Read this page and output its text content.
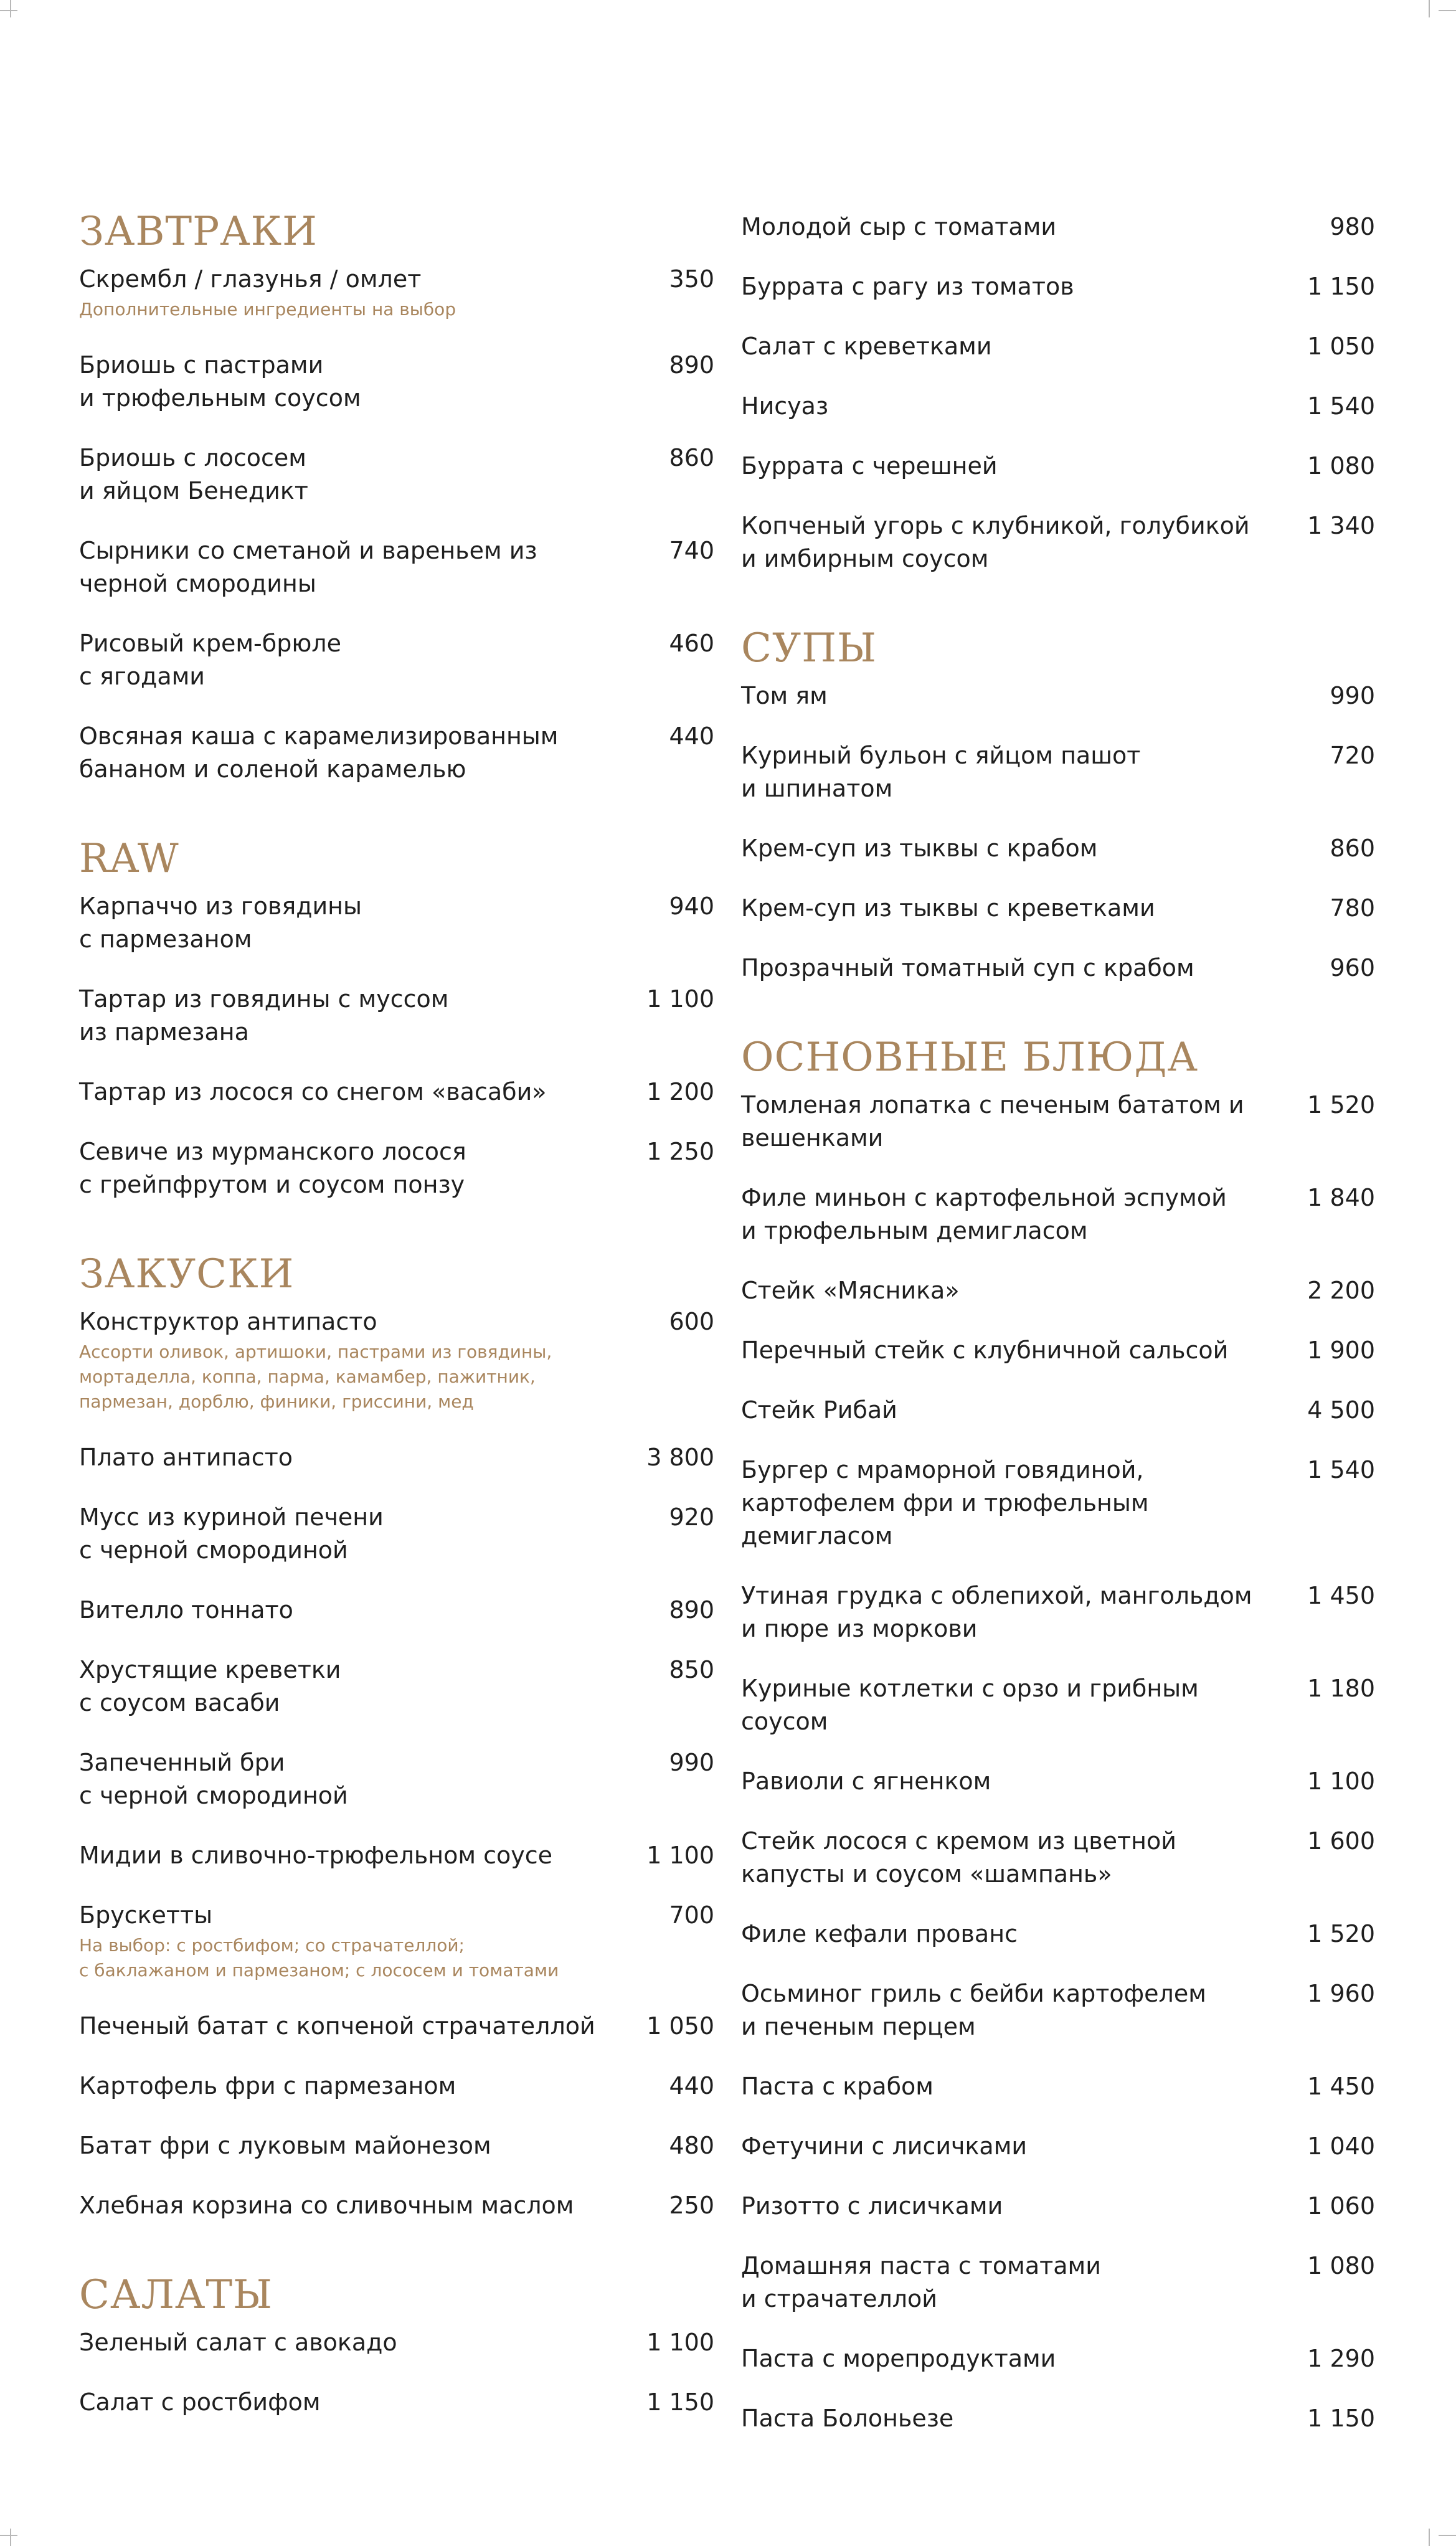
ЗАВТРАКИ
Скрембл / глазунья / омлет
Дополнительные ингредиенты на выбор
350
Бриошь с пастрами
и трюфельным соусом
890
Бриошь с лососем
и яйцом Бенедикт
860
Сырники со сметаной и вареньем из
черной смородины
740
Рисовый крем-брюле
с ягодами
460
Овсяная каша с карамелизированным
бананом и соленой карамелью
440
RAW
Карпаччо из говядины
с пармезаном
940
Тартар из говядины с муссом
из пармезана
1 100
Тартар из лосося со снегом «васаби»	1 200
Севиче из мурманского лосося
с грейпфрутом и соусом понзу
1 250
ЗАКУСКИ
Конструктор антипасто
Ассорти оливок, артишоки, пастрами из говядины,
мортаделла, коппа, парма, камамбер, пажитник,
пармезан, дорблю, финики, гриссини, мед
600
Плато антипасто	3 800
Мусс из куриной печени
с черной смородиной
920
Вителло тоннато	890
Хрустящие креветки
с соусом васаби
850
Запеченный бри
с черной смородиной
990
Мидии в сливочно-трюфельном соусе	1 100
Брускетты
На выбор: с ростбифом; со страчателлой;
с баклажаном и пармезаном; с лососем и томатами
700
Печеный батат с копченой страчателлой 1 050
Картофель фри с пармезаном	440
Батат фри с луковым майонезом	480
Хлебная корзина со сливочным маслом	250
САЛАТЫ
Зеленый салат с авокадо	1 100
Салат с ростбифом	1 150
Молодой сыр с томатами	980
Буррата с рагу из томатов	1 150
Салат с креветками	1 050
Нисуаз	1 540
Буррата с черешней	1 080
Копченый угорь с клубникой, голубикой
и имбирным соусом
1 340
СУПЫ
Том ям	990
Куриный бульон с яйцом пашот
и шпинатом
720
Крем-суп из тыквы с крабом	860
Крем-суп из тыквы с креветками	780
Прозрачный томатный суп с крабом	960
ОСНОВНЫЕ БЛЮДА
Томленая лопатка с печеным бататом и
вешенками
1 520
Филе миньон с картофельной эспумой
и трюфельным демигласом
1 840
Стейк «Мясника»	2 200
Перечный стейк с клубничной сальсой	1 900
Стейк Рибай	4 500
Бургер с мраморной говядиной,
картофелем фри и трюфельным
демигласом
1 540
Утиная грудка с облепихой, мангольдом
и пюре из моркови
1 450
Куриные котлетки с орзо и грибным
соусом
1 180
Равиоли с ягненком	1 100
Стейк лосося с кремом из цветной
капусты и соусом «шампань»
1 600
Филе кефали прованс	1 520
Осьминог гриль с бейби картофелем
и печеным перцем
1 960
Паста с крабом	1 450
Фетучини с лисичками	1 040
Ризотто с лисичками	1 060
Домашняя паста с томатами
и страчателлой
1 080
Паста с морепродуктами	1 290
Паста Болоньезе	1 150
